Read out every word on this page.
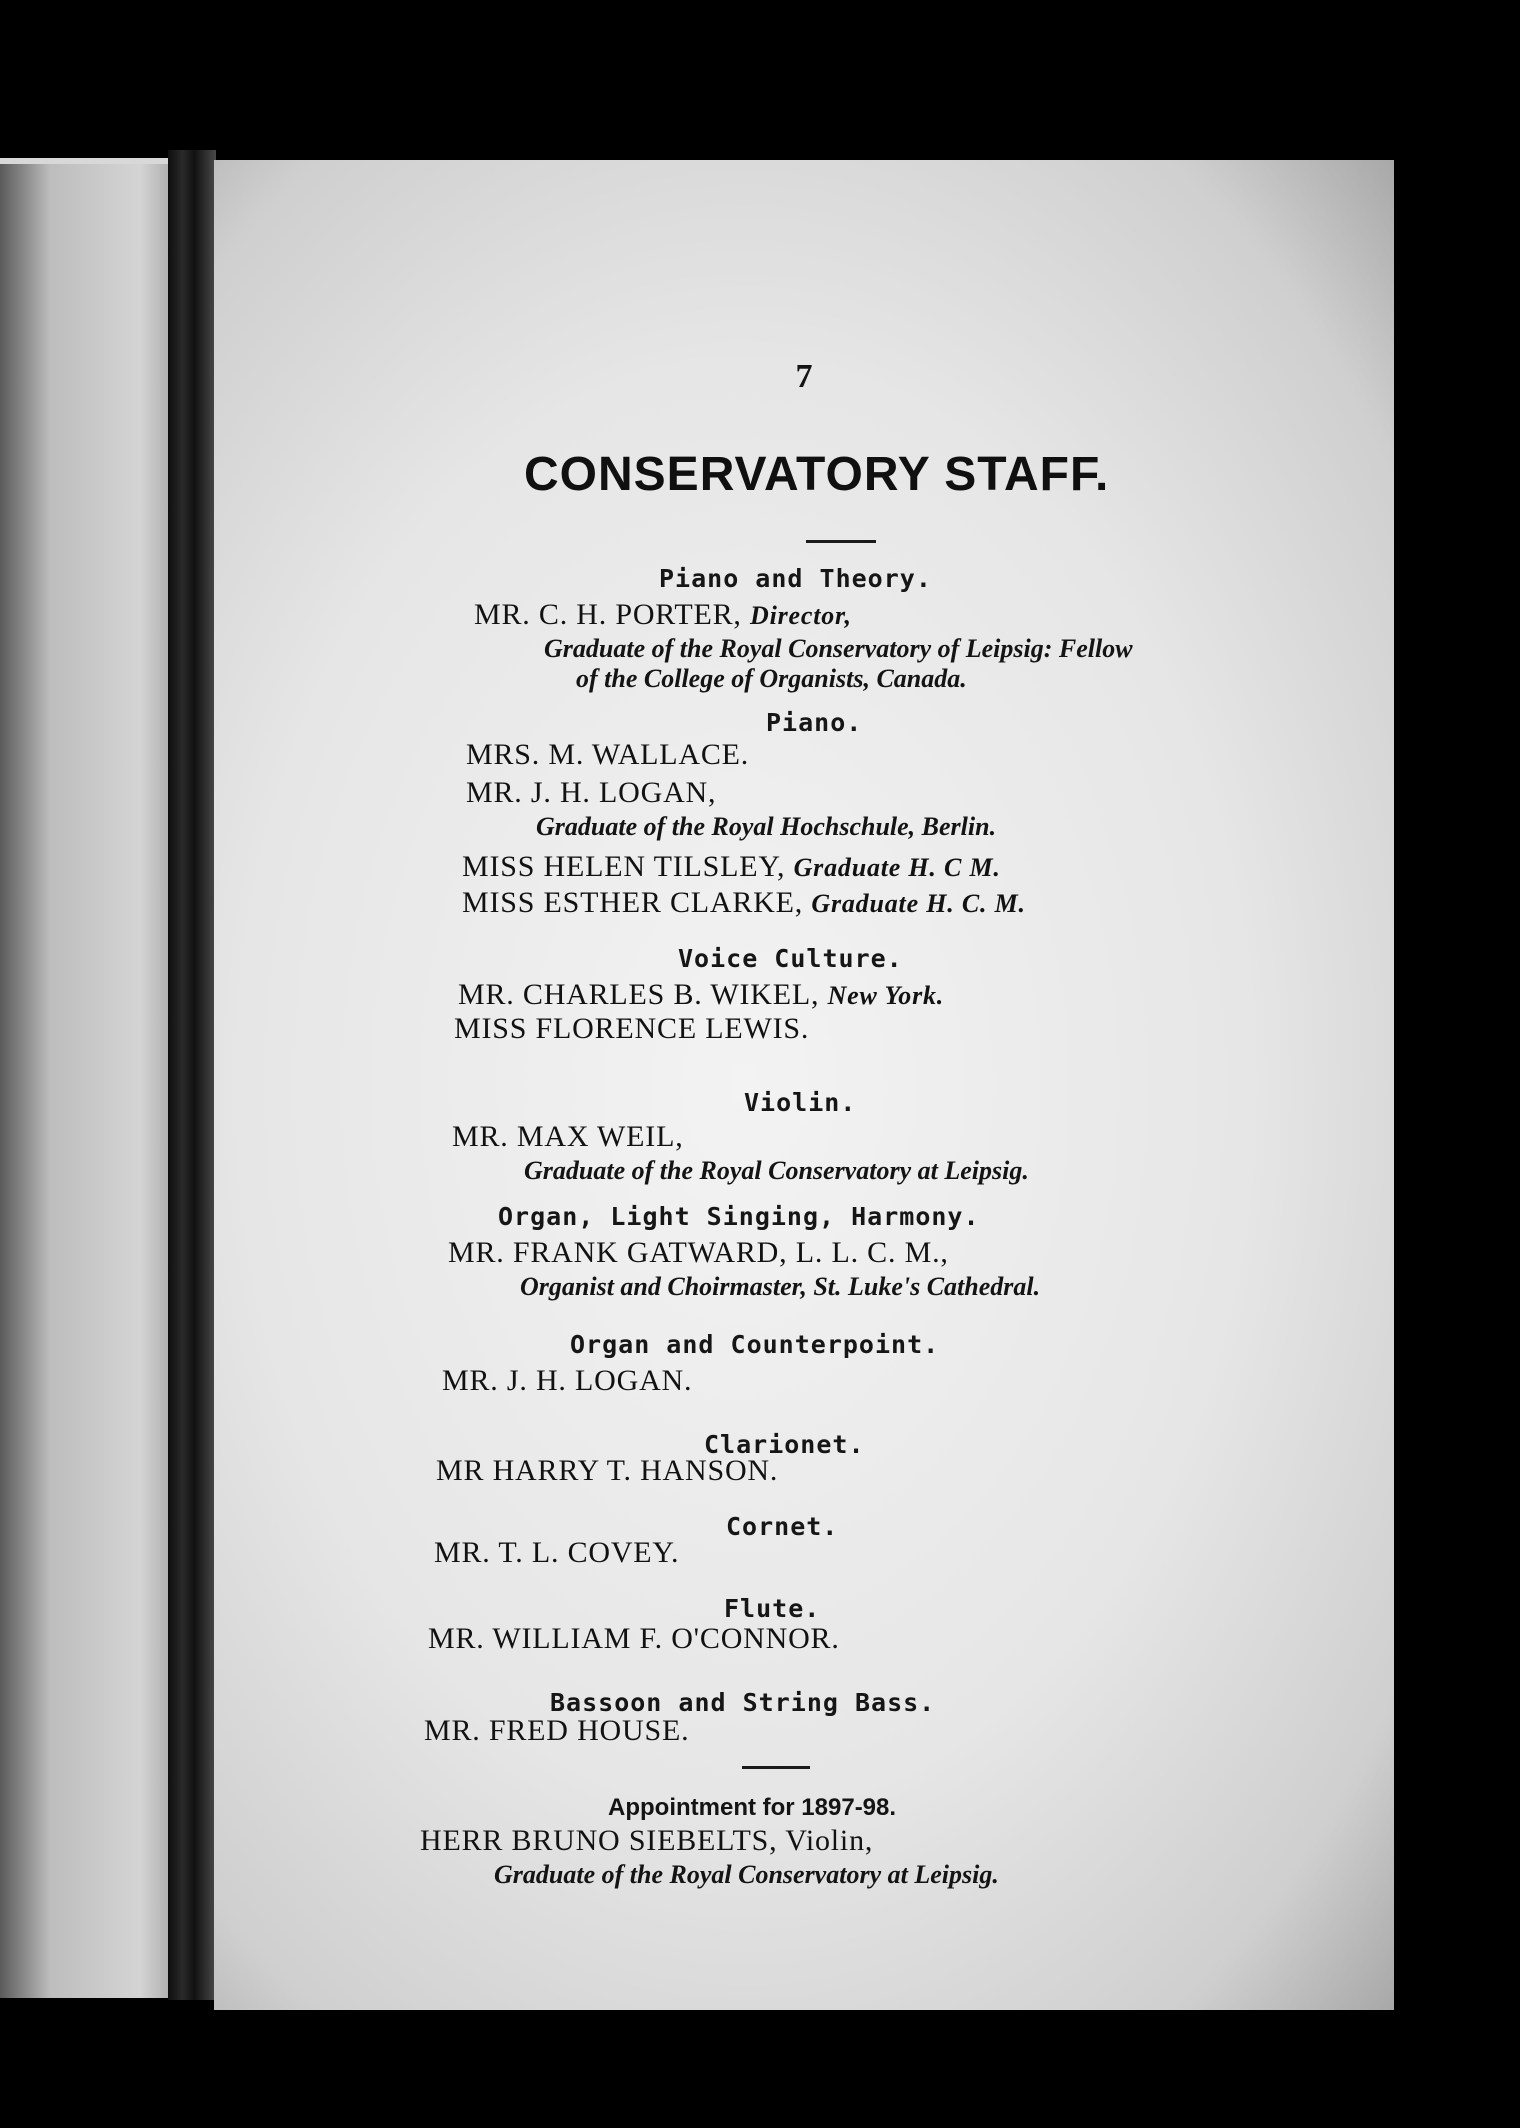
7
CONSERVATORY STAFF.
Piano and Theory.
MR. C. H. PORTER, Director,
Graduate of the Royal Conservatory of Leipsig: Fellow
of the College of Organists, Canada.
Piano.
MRS. M. WALLACE.
MR. J. H. LOGAN,
Graduate of the Royal Hochschule, Berlin.
MISS HELEN TILSLEY, Graduate H. C M.
MISS ESTHER CLARKE, Graduate H. C. M.
Voice Culture.
MR. CHARLES B. WIKEL, New York.
MISS FLORENCE LEWIS.
Violin.
MR. MAX WEIL,
Graduate of the Royal Conservatory at Leipsig.
Organ, Light Singing, Harmony.
MR. FRANK GATWARD, L. L. C. M.,
Organist and Choirmaster, St. Luke's Cathedral.
Organ and Counterpoint.
MR. J. H. LOGAN.
Clarionet.
MR HARRY T. HANSON.
Cornet.
MR. T. L. COVEY.
Flute.
MR. WILLIAM F. O'CONNOR.
Bassoon and String Bass.
MR. FRED HOUSE.
Appointment for 1897-98.
HERR BRUNO SIEBELTS, Violin,
Graduate of the Royal Conservatory at Leipsig.
